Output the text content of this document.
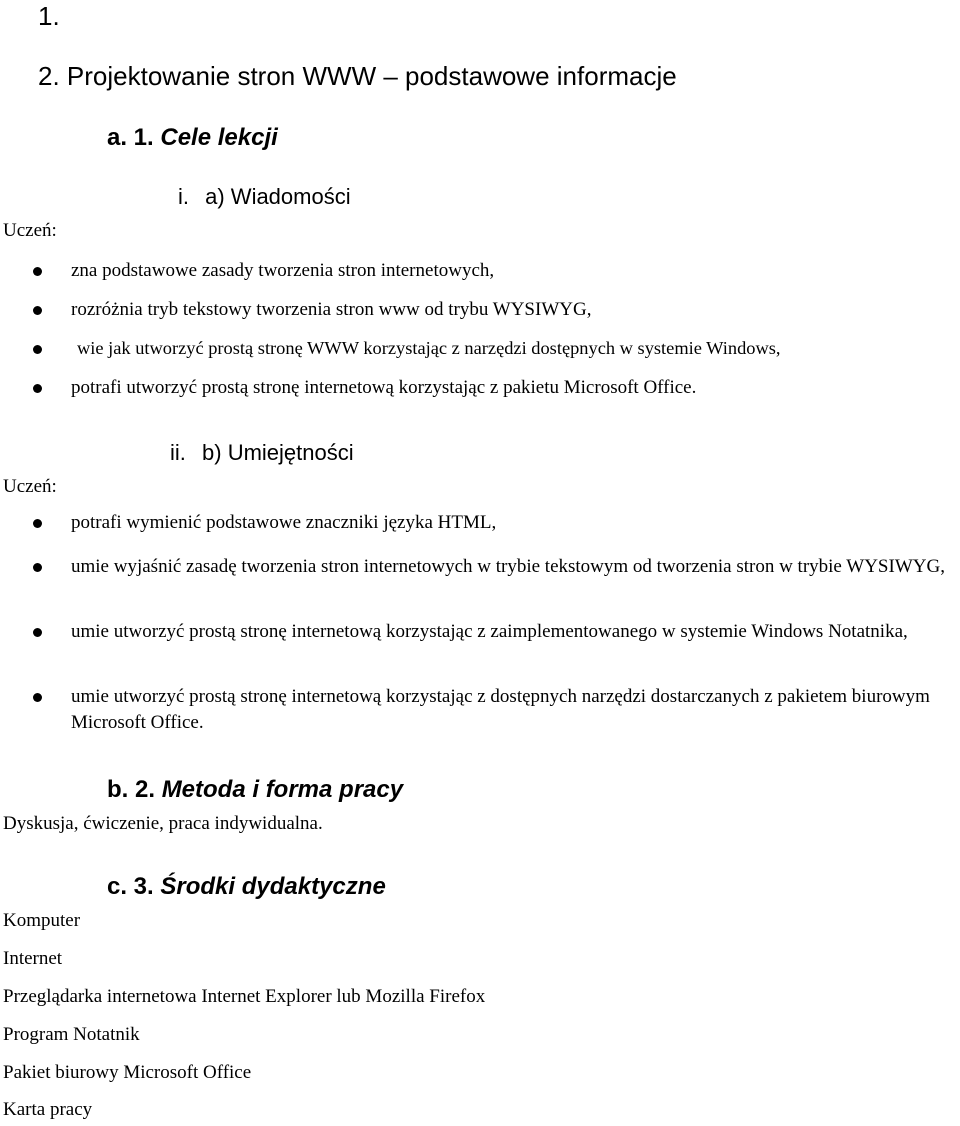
1.
2. Projektowanie stron WWW – podstawowe informacje
a. 1. Cele lekcji
i. a) Wiadomości
Uczeń:
zna podstawowe zasady tworzenia stron internetowych,
rozróżnia tryb tekstowy tworzenia stron www od trybu WYSIWYG,
wie jak utworzyć prostą stronę WWW korzystając z narzędzi dostępnych w systemie Windows,
potrafi utworzyć prostą stronę internetową korzystając z pakietu Microsoft Office.
ii. b) Umiejętności
Uczeń:
potrafi wymienić podstawowe znaczniki języka HTML,
umie wyjaśnić zasadę tworzenia stron internetowych w trybie tekstowym od tworzenia stron w trybie WYSIWYG,
umie utworzyć prostą stronę internetową korzystając z zaimplementowanego w systemie Windows Notatnika,
umie utworzyć prostą stronę internetową korzystając z dostępnych narzędzi dostarczanych z pakietem biurowym Microsoft Office.
b. 2. Metoda i forma pracy
Dyskusja, ćwiczenie, praca indywidualna.
c. 3. Środki dydaktyczne
Komputer
Internet
Przeglądarka internetowa Internet Explorer lub Mozilla Firefox
Program Notatnik
Pakiet biurowy Microsoft Office
Karta pracy
